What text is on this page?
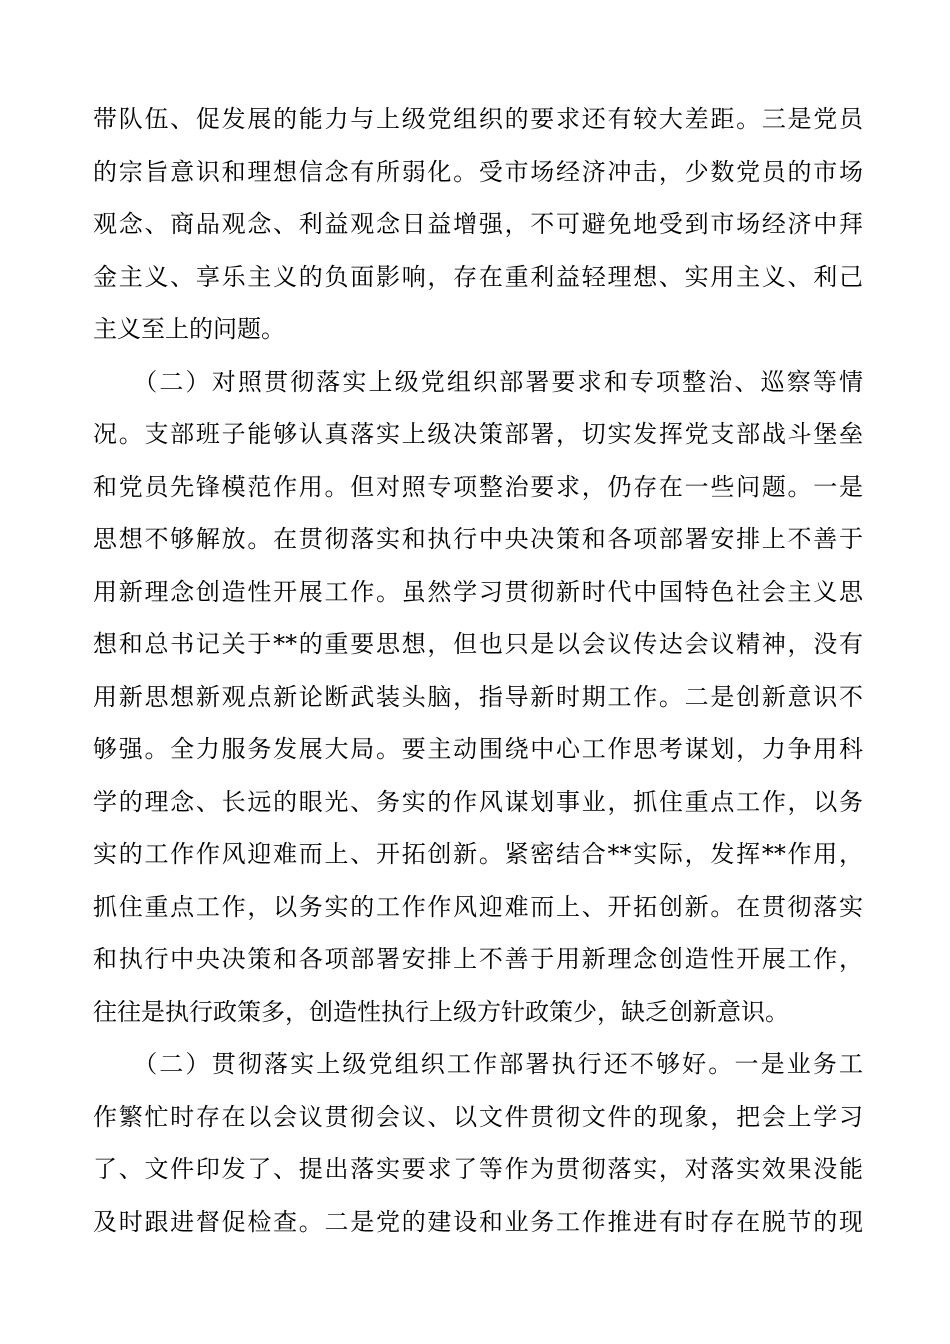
带队伍、促发展的能力与上级党组织的要求还有较大差距。三是党员
的宗旨意识和理想信念有所弱化。受市场经济冲击，少数党员的市场
观念、商品观念、利益观念日益增强，不可避免地受到市场经济中拜
金主义、享乐主义的负面影响，存在重利益轻理想、实用主义、利己
主义至上的问题。
　　（二）对照贯彻落实上级党组织部署要求和专项整治、巡察等情
况。支部班子能够认真落实上级决策部署，切实发挥党支部战斗堡垒
和党员先锋模范作用。但对照专项整治要求，仍存在一些问题。一是
思想不够解放。在贯彻落实和执行中央决策和各项部署安排上不善于
用新理念创造性开展工作。虽然学习贯彻新时代中国特色社会主义思
想和总书记关于**的重要思想，但也只是以会议传达会议精神，没有
用新思想新观点新论断武装头脑，指导新时期工作。二是创新意识不
够强。全力服务发展大局。要主动围绕中心工作思考谋划，力争用科
学的理念、长远的眼光、务实的作风谋划事业，抓住重点工作，以务
实的工作作风迎难而上、开拓创新。紧密结合**实际，发挥**作用，
抓住重点工作，以务实的工作作风迎难而上、开拓创新。在贯彻落实
和执行中央决策和各项部署安排上不善于用新理念创造性开展工作，
往往是执行政策多，创造性执行上级方针政策少，缺乏创新意识。
　　（二）贯彻落实上级党组织工作部署执行还不够好。一是业务工
作繁忙时存在以会议贯彻会议、以文件贯彻文件的现象，把会上学习
了、文件印发了、提出落实要求了等作为贯彻落实，对落实效果没能
及时跟进督促检查。二是党的建设和业务工作推进有时存在脱节的现
